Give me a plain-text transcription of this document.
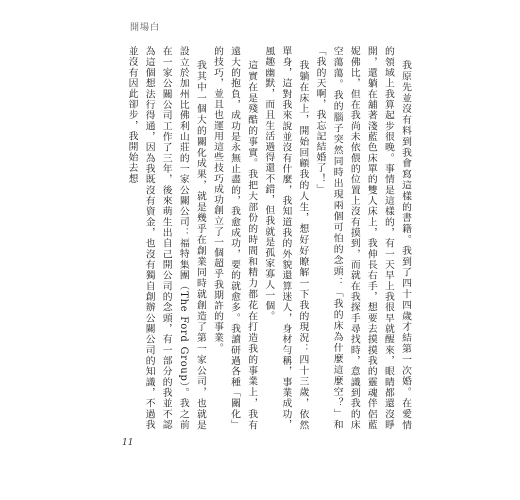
開場白

我原先並沒有料到我會寫這樣的書籍。我到了四十四歲才結第一次婚。在愛情的領域上我算起步很晚。事情是這樣的，有一天早上我很早就醒來，眼睛都還沒睜開，還躺在舖著淺藍色床單的雙人床上，我伸長右手，想要去摸摸我的靈魂伴侶藍妮佛比，但在我尚未依偎的位置上沒有摸到，而就在我探手尋找時，意識到我的床空蕩蕩。我的腦子突然同時出現兩個可怕的念頭：「我的床為什麼這麼空？」和「我的天啊，我忘記結婚了！」

我躺在床上，開始回顧我的人生，想好好瞭解一下我的現況：四十三歲，依然單身，這對我來說並沒有什麼，我知道我的外貌還算迷人，身材勻稱，事業成功，風趣幽默，而且生活過得還不錯，但我就是孤家寡人一個。

這實在是殘酷的事實。我把大部份的時間和精力都花在打造我的事業上，我有遠大的抱負，成功是永無止盡的，我愈成功，要的就愈多。我讀研過各種「關化」的技巧，並且也運用這些技巧成功創立了一個超乎我期許的事業。

我其中一個大的關化成果，就是幾乎在創業同時就創造了第一家公司，也就是設立於加州比佛利山莊的一家公關公司：福特集團（The Ford Group）。我之前在一家公關公司工作了三年，後來萌生出自己開公司的念頭，有一部分的我並不認為這個想法行得通，因為我既沒有資金，也沒有獨自創辦公關公司的知識，不過我並沒有因此卻步，我開始去想

11
